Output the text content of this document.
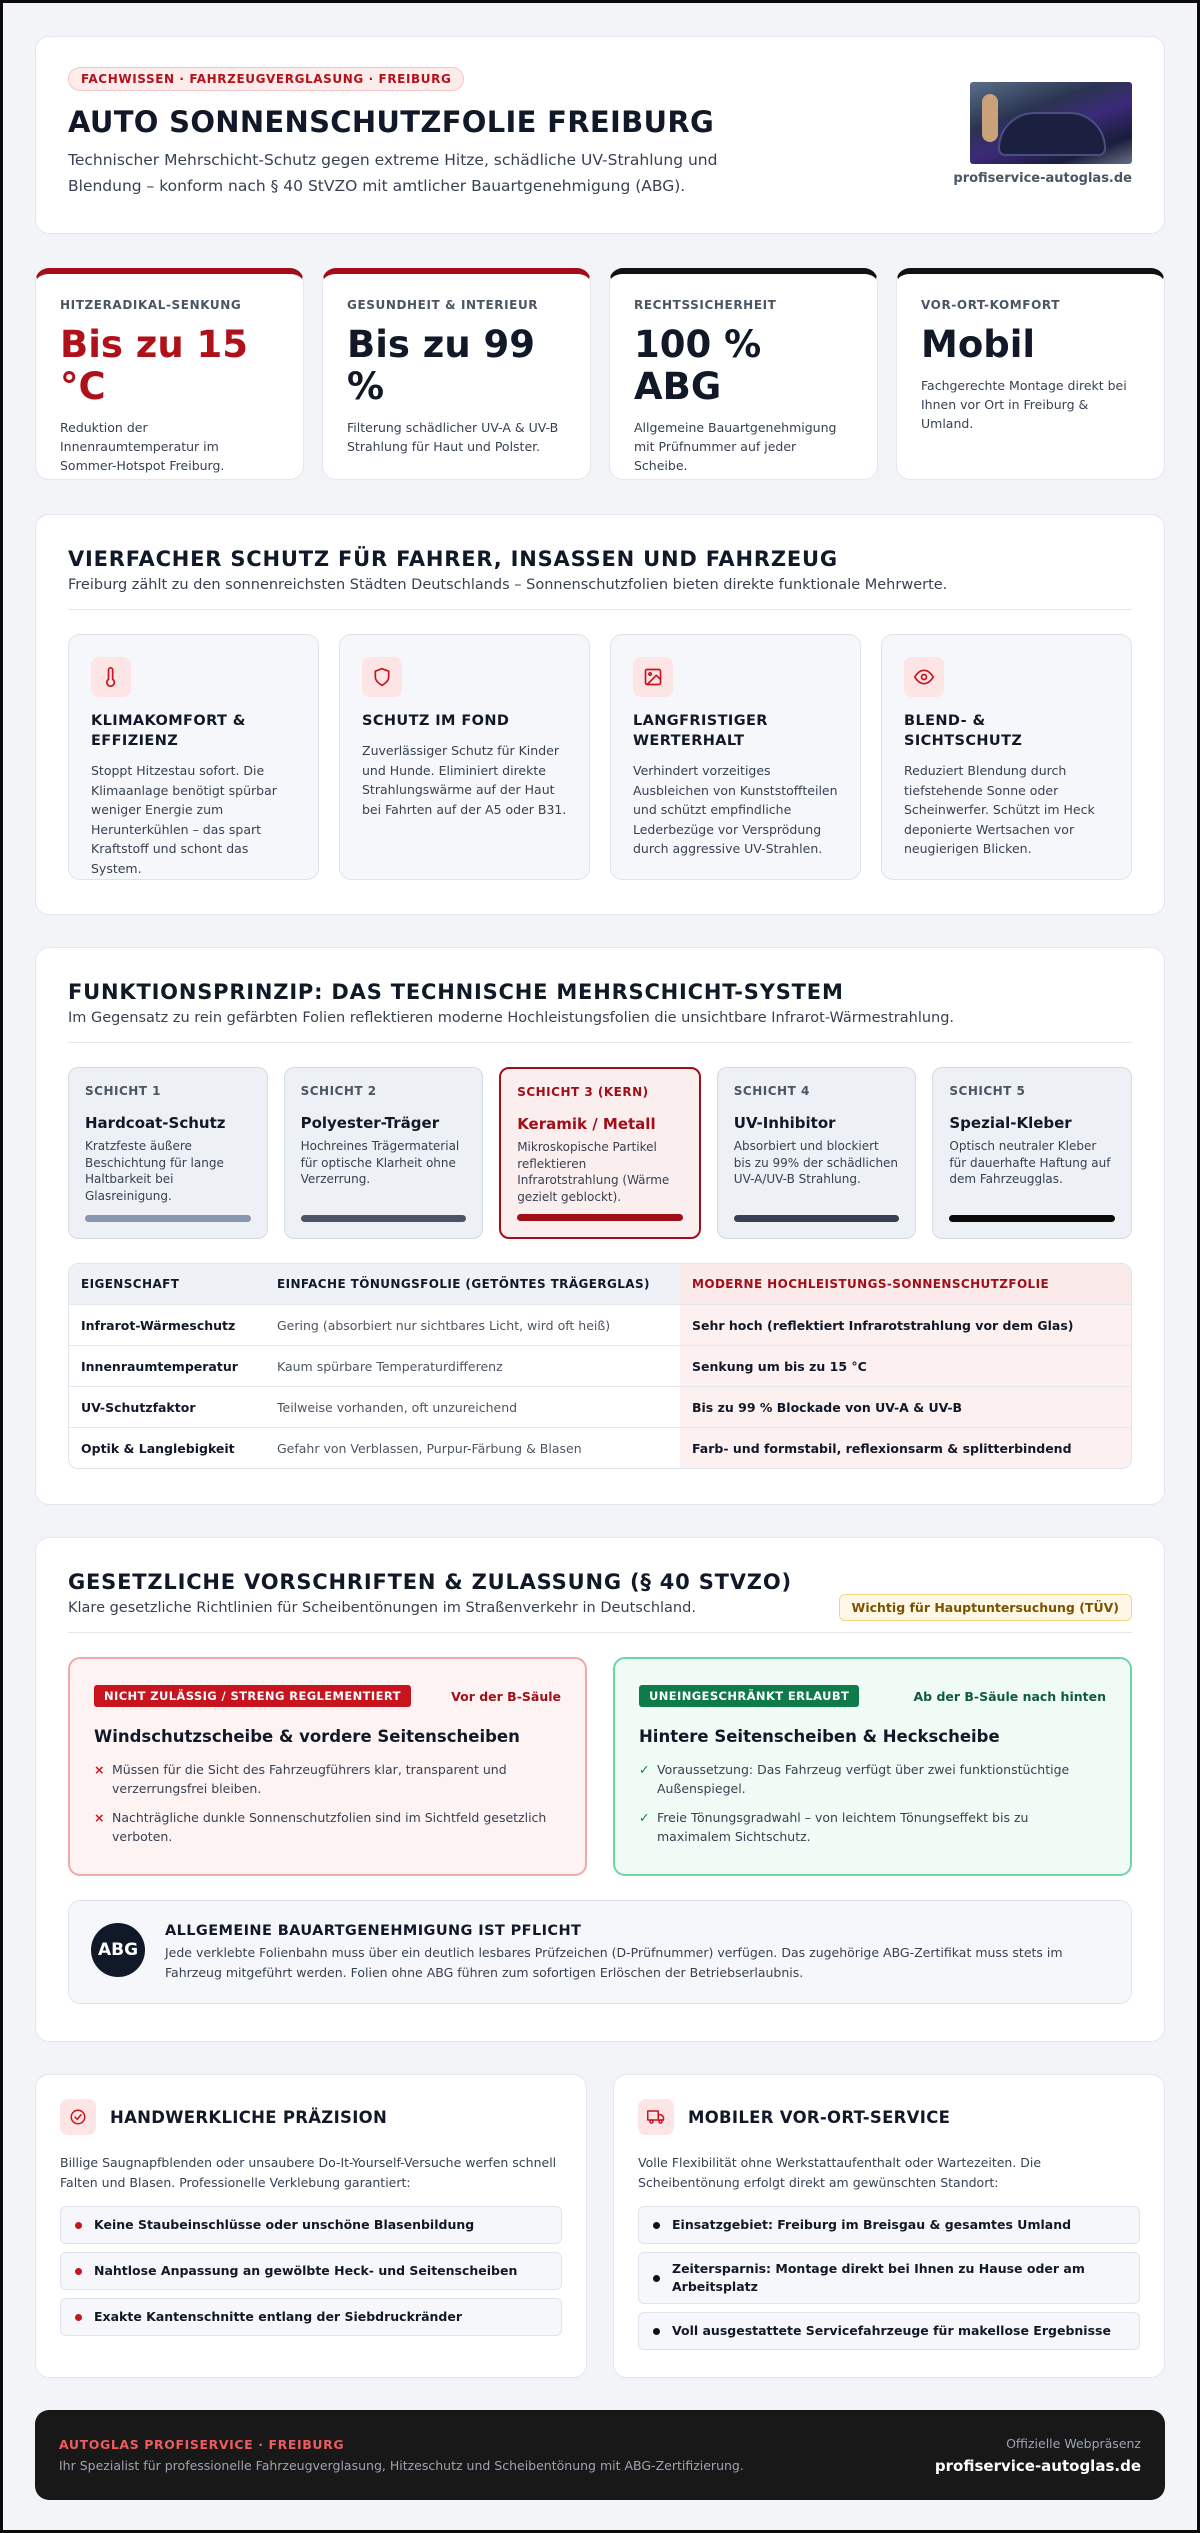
FACHWISSEN · FAHRZEUGVERGLASUNG · FREIBURG
AUTO SONNENSCHUTZFOLIE FREIBURG
Technischer Mehrschicht-Schutz gegen extreme Hitze, schädliche UV-Strahlung und Blendung – konform nach § 40 StVZO mit amtlicher Bauartgenehmigung (ABG).	profiservice-autoglas.de
HITZERADIKAL-SENKUNG
Bis zu 15 °C
Reduktion der Innenraumtemperatur im Sommer-Hotspot Freiburg.
GESUNDHEIT & INTERIEUR
Bis zu 99 %
Filterung schädlicher UV-A & UV-B Strahlung für Haut und Polster.
RECHTSSICHERHEIT
100 % ABG
Allgemeine Bauartgenehmigung mit Prüfnummer auf jeder Scheibe.
VOR-ORT-KOMFORT
Mobil
Fachgerechte Montage direkt bei Ihnen vor Ort in Freiburg & Umland.
VIERFACHER SCHUTZ FÜR FAHRER, INSASSEN UND FAHRZEUG
Freiburg zählt zu den sonnenreichsten Städten Deutschlands – Sonnenschutzfolien bieten direkte funktionale Mehrwerte.
KLIMAKOMFORT & EFFIZIENZ

Stoppt Hitzestau sofort. Die Klimaanlage benötigt spürbar weniger Energie zum Herunterkühlen – das spart Kraftstoff und schont das System.

SCHUTZ IM FOND

Zuverlässiger Schutz für Kinder und Hunde. Eliminiert direkte Strahlungswärme auf der Haut bei Fahrten auf der A5 oder B31.

LANGFRISTIGER WERTERHALT

Verhindert vorzeitiges Ausbleichen von Kunststoffteilen und schützt empfindliche Lederbezüge vor Versprödung durch aggressive UV-Strahlen.

BLEND- & SICHTSCHUTZ

Reduziert Blendung durch tiefstehende Sonne oder Scheinwerfer. Schützt im Heck deponierte Wertsachen vor neugierigen Blicken.

FUNKTIONSPRINZIP: DAS TECHNISCHE MEHRSCHICHT-SYSTEM
Im Gegensatz zu rein gefärbten Folien reflektieren moderne Hochleistungsfolien die unsichtbare Infrarot-Wärmestrahlung.
SCHICHT 1
Hardcoat-Schutz
Kratzfeste äußere Beschichtung für lange Haltbarkeit bei Glasreinigung.
SCHICHT 2
Polyester-Träger
Hochreines Trägermaterial für optische Klarheit ohne Verzerrung.
SCHICHT 3 (KERN)
Keramik / Metall
Mikroskopische Partikel reflektieren Infrarotstrahlung (Wärme gezielt geblockt).
SCHICHT 4
UV-Inhibitor
Absorbiert und blockiert bis zu 99% der schädlichen UV-A/UV-B Strahlung.
SCHICHT 5
Spezial-Kleber
Optisch neutraler Kleber für dauerhafte Haftung auf dem Fahrzeugglas.
EIGENSCHAFT	EINFACHE TÖNUNGSFOLIE (GETÖNTES TRÄGERGLAS)	MODERNE HOCHLEISTUNGS-SONNENSCHUTZFOLIE
Infrarot-Wärmeschutz	Gering (absorbiert nur sichtbares Licht, wird oft heiß)	Sehr hoch (reflektiert Infrarotstrahlung vor dem Glas)
Innenraumtemperatur	Kaum spürbare Temperaturdifferenz	Senkung um bis zu 15 °C
UV-Schutzfaktor	Teilweise vorhanden, oft unzureichend	Bis zu 99 % Blockade von UV-A & UV-B
Optik & Langlebigkeit	Gefahr von Verblassen, Purpur-Färbung & Blasen	Farb- und formstabil, reflexionsarm & splitterbindend
GESETZLICHE VORSCHRIFTEN & ZULASSUNG (§ 40 STVZO)
Klare gesetzliche Richtlinien für Scheibentönungen im Straßenverkehr in Deutschland.	Wichtig für Hauptuntersuchung (TÜV)
NICHT ZULÄSSIG / STRENG REGLEMENTIERT	Vor der B-Säule
Windschutzscheibe & vordere Seitenscheiben
× Müssen für die Sicht des Fahrzeugführers klar, transparent und verzerrungsfrei bleiben.
× Nachträgliche dunkle Sonnenschutzfolien sind im Sichtfeld gesetzlich verboten.
UNEINGESCHRÄNKT ERLAUBT	Ab der B-Säule nach hinten
Hintere Seitenscheiben & Heckscheibe
✓ Voraussetzung: Das Fahrzeug verfügt über zwei funktionstüchtige Außenspiegel.
✓ Freie Tönungsgradwahl – von leichtem Tönungseffekt bis zu maximalem Sichtschutz.
ABG
ALLGEMEINE BAUARTGENEHMIGUNG IST PFLICHT

Jede verklebte Folienbahn muss über ein deutlich lesbares Prüfzeichen (D-Prüfnummer) verfügen. Das zugehörige ABG-Zertifikat muss stets im Fahrzeug mitgeführt werden. Folien ohne ABG führen zum sofortigen Erlöschen der Betriebserlaubnis.

HANDWERKLICHE PRÄZISION

Billige Saugnapfblenden oder unsaubere Do-It-Yourself-Versuche werfen schnell Falten und Blasen. Professionelle Verklebung garantiert:

Keine Staubeinschlüsse oder unschöne Blasenbildung
Nahtlose Anpassung an gewölbte Heck- und Seitenscheiben
Exakte Kantenschnitte entlang der Siebdruckränder
MOBILER VOR-ORT-SERVICE

Volle Flexibilität ohne Werkstattaufenthalt oder Wartezeiten. Die Scheibentönung erfolgt direkt am gewünschten Standort:

Einsatzgebiet: Freiburg im Breisgau & gesamtes Umland
Zeitersparnis: Montage direkt bei Ihnen zu Hause oder am Arbeitsplatz
Voll ausgestattete Servicefahrzeuge für makellose Ergebnisse
AUTOGLAS PROFISERVICE · FREIBURG
Ihr Spezialist für professionelle Fahrzeugverglasung, Hitzeschutz und Scheibentönung mit ABG-Zertifizierung.
Offizielle Webpräsenz
profiservice-autoglas.de
